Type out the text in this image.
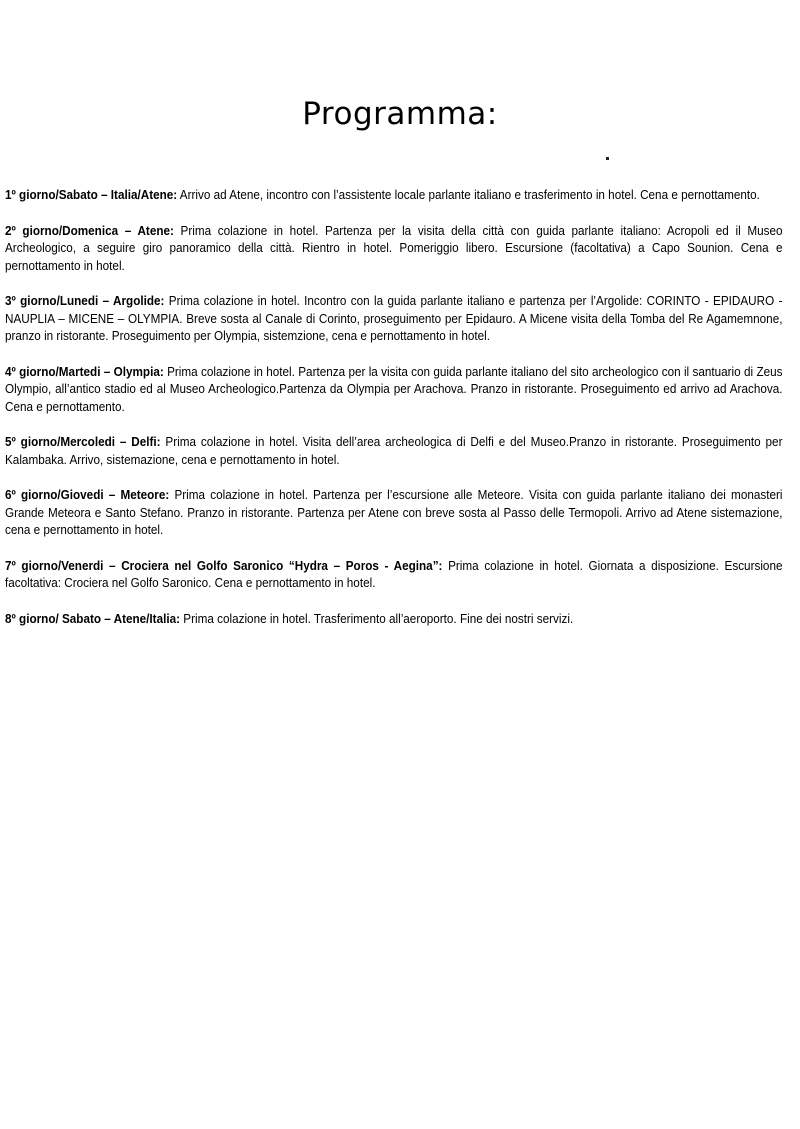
Programma:

1º giorno/Sabato – Italia/Atene: Arrivo ad Atene, incontro con l’assistente locale parlante italiano e trasferimento in hotel. Cena e pernottamento.

2º giorno/Domenica – Atene: Prima colazione in hotel. Partenza per la visita della città con guida parlante italiano: Acropoli ed il Museo Archeologico, a seguire giro panoramico della città. Rientro in hotel. Pomeriggio libero. Escursione (facoltativa) a Capo Sounion. Cena e pernottamento in hotel.

3º giorno/Lunedi – Argolide: Prima colazione in hotel. Incontro con la guida parlante italiano e partenza per l’Argolide: CORINTO - EPIDAURO - NAUPLIA – MICENE – OLYMPIA. Breve sosta al Canale di Corinto, proseguimento per Epidauro. A Micene visita della Tomba del Re Agamemnone, pranzo in ristorante. Proseguimento per Olympia, sistemzione, cena e pernottamento in hotel.

4º giorno/Martedi – Olympia: Prima colazione in hotel. Partenza per la visita con guida parlante italiano del sito archeologico con il santuario di Zeus Olympio, all’antico stadio ed al Museo Archeologico.Partenza da Olympia per Arachova. Pranzo in ristorante. Proseguimento ed arrivo ad Arachova. Cena e pernottamento.

5º giorno/Mercoledi – Delfi: Prima colazione in hotel. Visita dell’area archeologica di Delfi e del Museo.Pranzo in ristorante. Proseguimento per Kalambaka. Arrivo, sistemazione, cena e pernottamento in hotel.

6º giorno/Giovedi – Meteore: Prima colazione in hotel. Partenza per l’escursione alle Meteore. Visita con guida parlante italiano dei monasteri Grande Meteora e Santo Stefano. Pranzo in ristorante. Partenza per Atene con breve sosta al Passo delle Termopoli. Arrivo ad Atene sistemazione, cena e pernottamento in hotel.

7º giorno/Venerdi – Crociera nel Golfo Saronico “Hydra – Poros - Aegina”: Prima colazione in hotel. Giornata a disposizione. Escursione facoltativa: Crociera nel Golfo Saronico. Cena e pernottamento in hotel.

8º giorno/ Sabato – Atene/Italia: Prima colazione in hotel. Trasferimento all’aeroporto. Fine dei nostri servizi.
